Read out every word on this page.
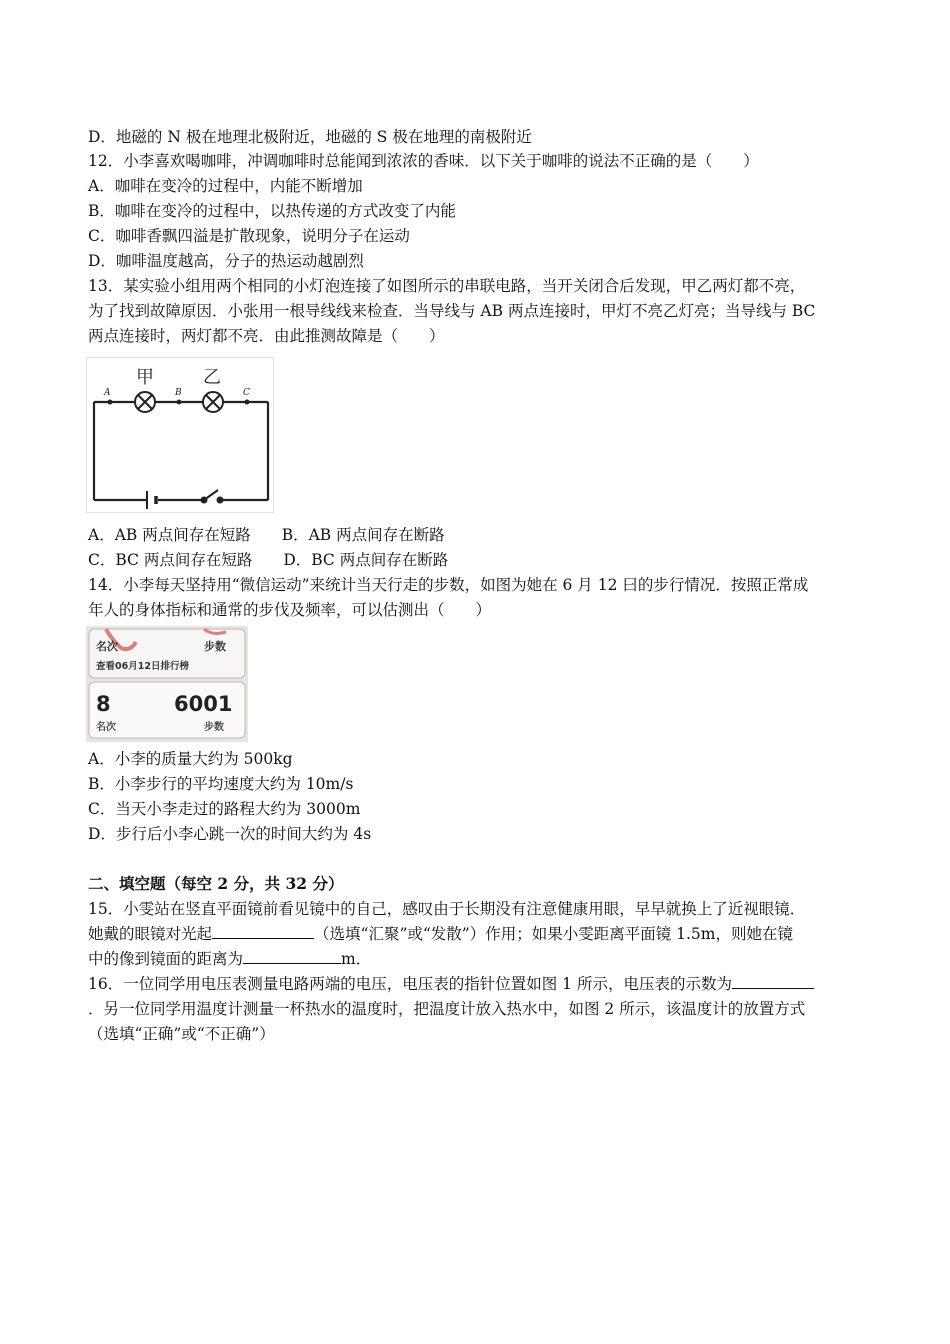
D．地磁的 N 极在地理北极附近，地磁的 S 极在地理的南极附近
12．小李喜欢喝咖啡，冲调咖啡时总能闻到浓浓的香味．以下关于咖啡的说法不正确的是（　　）
A．咖啡在变冷的过程中，内能不断增加
B．咖啡在变冷的过程中，以热传递的方式改变了内能
C．咖啡香飘四溢是扩散现象，说明分子在运动
D．咖啡温度越高，分子的热运动越剧烈
13．某实验小组用两个相同的小灯泡连接了如图所示的串联电路，当开关闭合后发现，甲乙两灯都不亮，
为了找到故障原因．小张用一根导线线来检查．当导线与 AB 两点连接时，甲灯不亮乙灯亮；当导线与 BC
两点连接时，两灯都不亮．由此推测故障是（　　）
甲	乙
A	B	C
A．AB 两点间存在短路　　B．AB 两点间存在断路
C．BC 两点间存在短路　　D．BC 两点间存在断路
14．小李每天坚持用“微信运动”来统计当天行走的步数，如图为她在 6 月 12 曰的步行情况．按照正常成
年人的身体指标和通常的步伐及频率，可以估测出（　　）
名次	步数
查看06月12日排行榜
8	6001
名次	步数
A．小李的质量大约为 500kg
B．小李步行的平均速度大约为 10m/s
C．当天小李走过的路程大约为 3000m
D．步行后小李心跳一次的时间大约为 4s
二、填空题（每空 2 分，共 32 分）
15．小雯站在竖直平面镜前看见镜中的自己，感叹由于长期没有注意健康用眼，早早就换上了近视眼镜．
她戴的眼镜对光起	（选填“汇聚”或“发散”）作用；如果小雯距离平面镜 1.5m，则她在镜
中的像到镜面的距离为	m．
16．一位同学用电压表测量电路两端的电压，电压表的指针位置如图 1 所示，电压表的示数为
．另一位同学用温度计测量一杯热水的温度时，把温度计放入热水中，如图 2 所示，该温度计的放置方式
（选填“正确”或“不正确”）
